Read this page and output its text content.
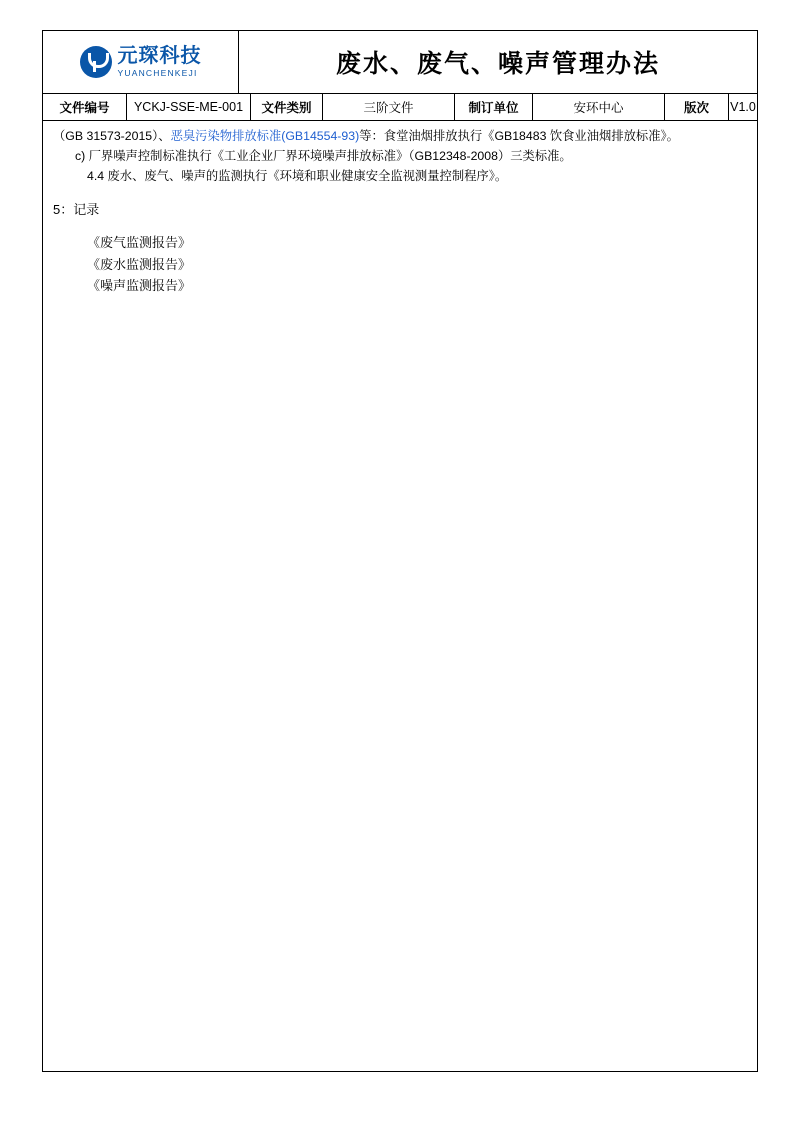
元琛科技
YUANCHENKEJI	废水、废气、噪声管理办法
文件编号 YCKJ-SSE-ME-001 文件类别	三阶文件	制订单位	安环中心	版次 V1.0

（GB 31573-2015）、恶臭污染物排放标准(GB14554-93)等：食堂油烟排放执行《GB18483 饮食业油烟排放标准》。

c) 厂界噪声控制标准执行《工业企业厂界环境噪声排放标准》（GB12348-2008）三类标准。

4.4 废水、废气、噪声的监测执行《环境和职业健康安全监视测量控制程序》。

5：记录

《废气监测报告》
《废水监测报告》
《噪声监测报告》
